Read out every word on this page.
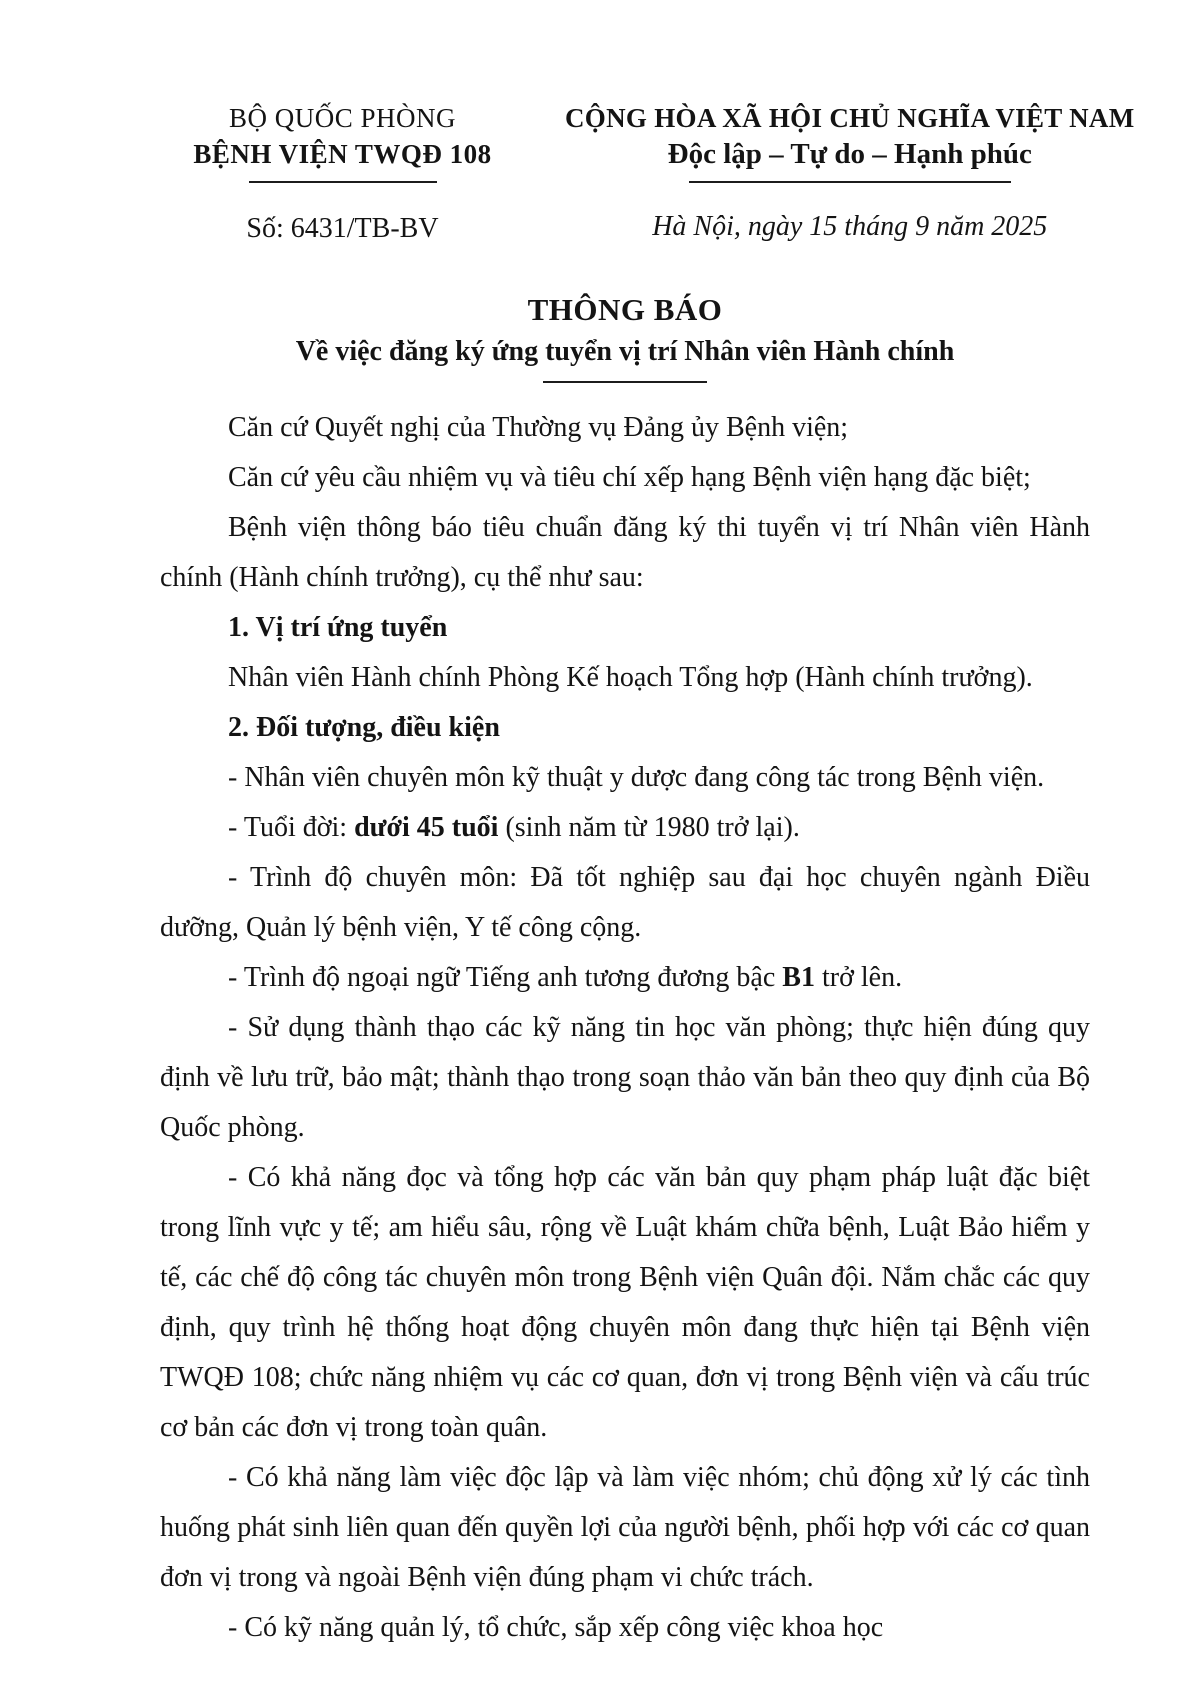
BỘ QUỐC PHÒNG
BỆNH VIỆN TWQĐ 108
Số: 6431/TB-BV
CỘNG HÒA XÃ HỘI CHỦ NGHĨA VIỆT NAM
Độc lập – Tự do – Hạnh phúc
Hà Nội, ngày 15 tháng 9 năm 2025
THÔNG BÁO
Về việc đăng ký ứng tuyển vị trí Nhân viên Hành chính

Căn cứ Quyết nghị của Thường vụ Đảng ủy Bệnh viện;

Căn cứ yêu cầu nhiệm vụ và tiêu chí xếp hạng Bệnh viện hạng đặc biệt;

Bệnh viện thông báo tiêu chuẩn đăng ký thi tuyển vị trí Nhân viên Hành chính (Hành chính trưởng), cụ thể như sau:

1. Vị trí ứng tuyển

Nhân viên Hành chính Phòng Kế hoạch Tổng hợp (Hành chính trưởng).

2. Đối tượng, điều kiện

- Nhân viên chuyên môn kỹ thuật y dược đang công tác trong Bệnh viện.

- Tuổi đời: dưới 45 tuổi (sinh năm từ 1980 trở lại).

- Trình độ chuyên môn: Đã tốt nghiệp sau đại học chuyên ngành Điều dưỡng, Quản lý bệnh viện, Y tế công cộng.

- Trình độ ngoại ngữ Tiếng anh tương đương bậc B1 trở lên.

- Sử dụng thành thạo các kỹ năng tin học văn phòng; thực hiện đúng quy định về lưu trữ, bảo mật; thành thạo trong soạn thảo văn bản theo quy định của Bộ Quốc phòng.

- Có khả năng đọc và tổng hợp các văn bản quy phạm pháp luật đặc biệt trong lĩnh vực y tế; am hiểu sâu, rộng về Luật khám chữa bệnh, Luật Bảo hiểm y tế, các chế độ công tác chuyên môn trong Bệnh viện Quân đội. Nắm chắc các quy định, quy trình hệ thống hoạt động chuyên môn đang thực hiện tại Bệnh viện TWQĐ 108; chức năng nhiệm vụ các cơ quan, đơn vị trong Bệnh viện và cấu trúc cơ bản các đơn vị trong toàn quân.

- Có khả năng làm việc độc lập và làm việc nhóm; chủ động xử lý các tình huống phát sinh liên quan đến quyền lợi của người bệnh, phối hợp với các cơ quan đơn vị trong và ngoài Bệnh viện đúng phạm vi chức trách.

- Có kỹ năng quản lý, tổ chức, sắp xếp công việc khoa học
